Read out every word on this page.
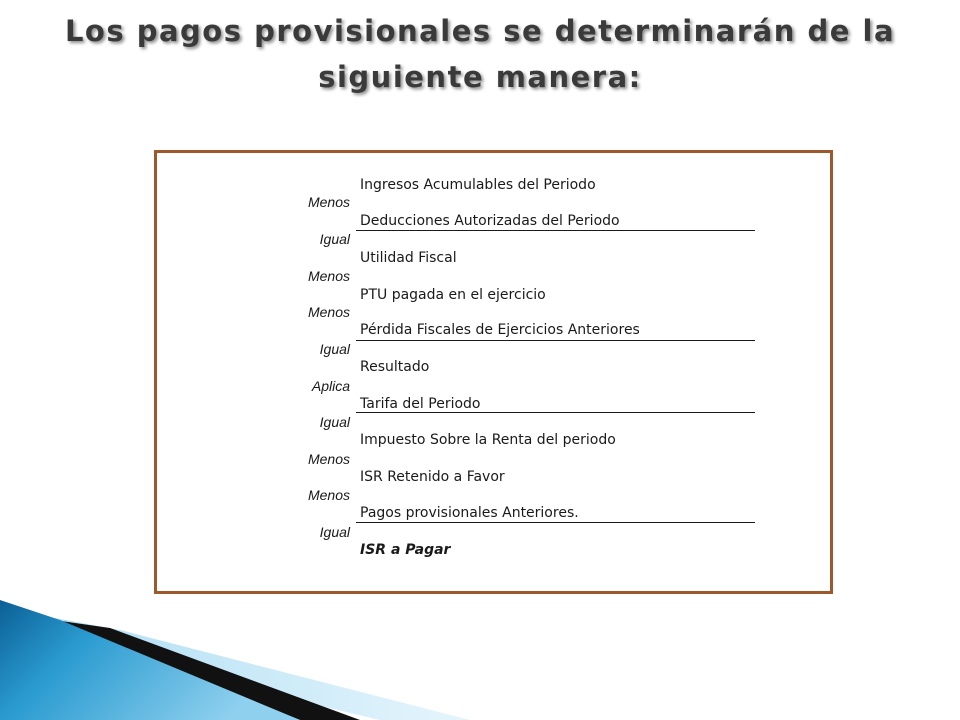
Los pagos provisionales se determinarán de la
siguiente manera:
Ingresos Acumulables del Periodo
Menos
Deducciones Autorizadas del Periodo
Igual
Utilidad Fiscal
Menos
PTU pagada en el ejercicio
Menos
Pérdida Fiscales de Ejercicios Anteriores
Igual
Resultado
Aplica
Tarifa del Periodo
Igual
Impuesto Sobre la Renta del periodo
Menos
ISR Retenido a Favor
Menos
Pagos provisionales Anteriores.
Igual
ISR a Pagar
